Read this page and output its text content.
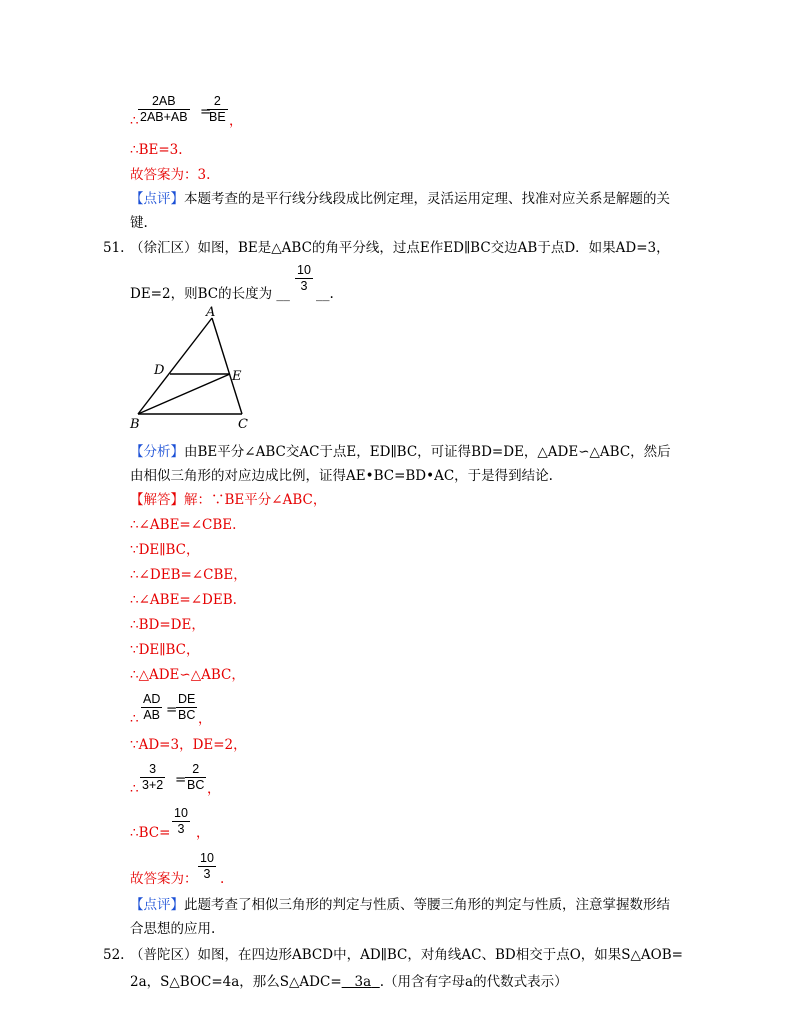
$\frac{2AB}{2AB+AB}$
∴
=
$\frac{2}{BE}$ ，
∴BE=3.
故答案为：3.
【点评】本题考查的是平行线分线段成比例定理，灵活运用定理、找准对应关系是解题的关
键.
51. （徐汇区）如图，BE是△ABC的角平分线，过点E作ED∥BC交边AB于点D．如果AD=3，
DE=2，则BC的长度为 __ $\frac{10}{3}$ __.
A
B	C
D	E
【分析】由BE平分∠ABC交AC于点E，ED∥BC，可证得BD=DE，△ADE∽△ABC，然后
由相似三角形的对应边成比例，证得AE•BC=BD•AC，于是得到结论.
【解答】解：∵BE平分∠ABC，
∴∠ABE=∠CBE.
∵DE∥BC，
∴∠DEB=∠CBE，
∴∠ABE=∠DEB.
∴BD=DE，
∵DE∥BC，
∴△ADE∽△ABC，
$\frac{AD}{AB}$
∴
=
$\frac{DE}{BC}$ ，
∵AD=3，DE=2，
$\frac{3}{3+2}$
∴
=
$\frac{2}{BC}$ ，
∴BC= $\frac{10}{3}$ ，
故答案为： $\frac{10}{3}$ .
【点评】此题考查了相似三角形的判定与性质、等腰三角形的判定与性质，注意掌握数形结
合思想的应用.
52. （普陀区）如图，在四边形ABCD中，AD∥BC，对角线AC、BD相交于点O，如果S△AOB=
2a，S△BOC=4a，那么S△ADC= 3a .（用含有字母a的代数式表示）
